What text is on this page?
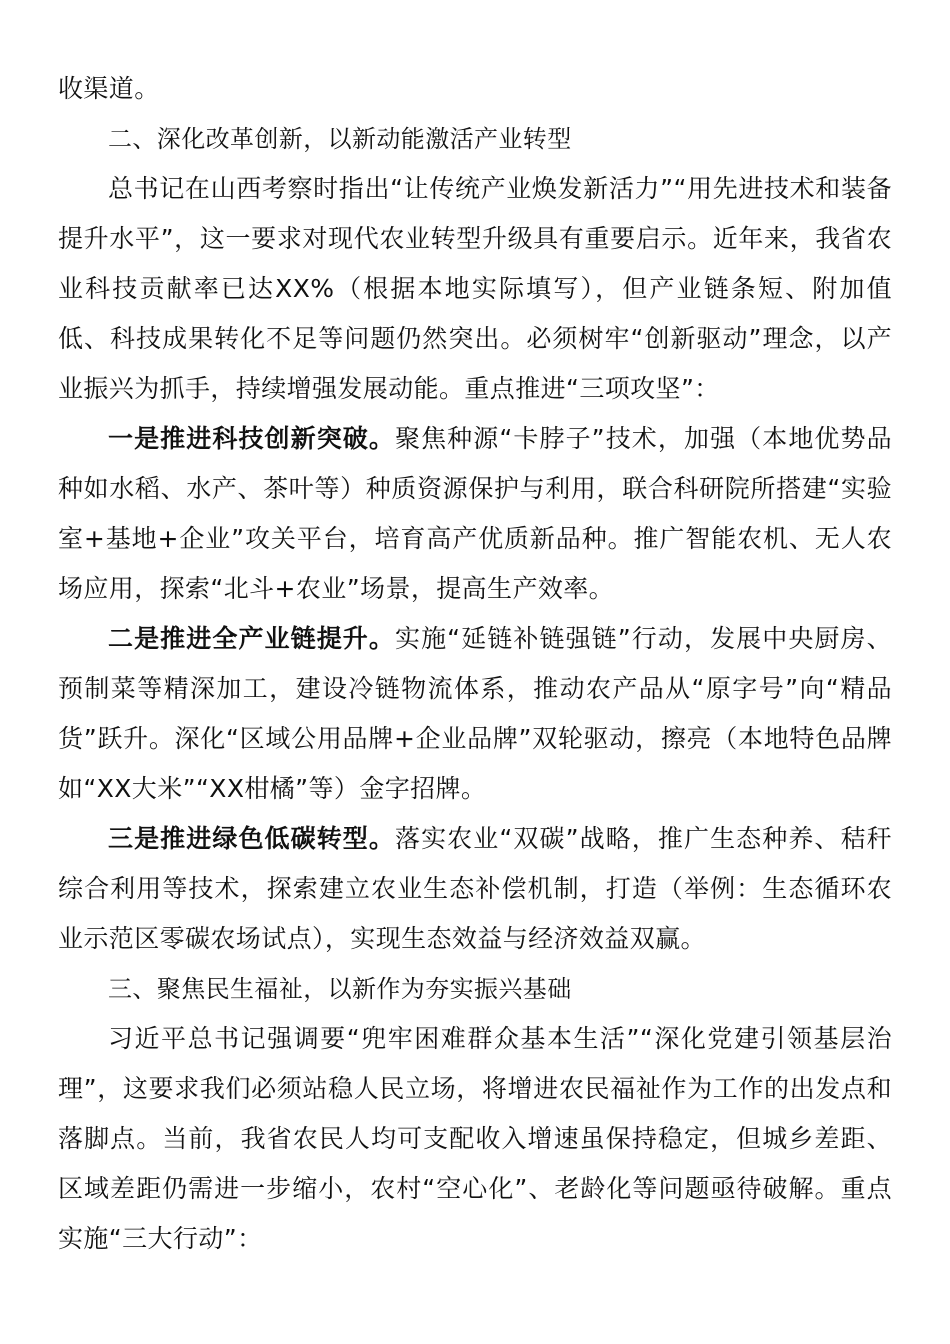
收渠道。

二、深化改革创新，以新动能激活产业转型

总书记在山西考察时指出“让传统产业焕发新活力”“用先进技术和装备提升水平”，这一要求对现代农业转型升级具有重要启示。近年来，我省农业科技贡献率已达XX%（根据本地实际填写），但产业链条短、附加值低、科技成果转化不足等问题仍然突出。必须树牢“创新驱动”理念，以产业振兴为抓手，持续增强发展动能。重点推进“三项攻坚”：

一是推进科技创新突破。聚焦种源“卡脖子”技术，加强（本地优势品种如水稻、水产、茶叶等）种质资源保护与利用，联合科研院所搭建“实验室+基地+企业”攻关平台，培育高产优质新品种。推广智能农机、无人农场应用，探索“北斗+农业”场景，提高生产效率。

二是推进全产业链提升。实施“延链补链强链”行动，发展中央厨房、预制菜等精深加工，建设冷链物流体系，推动农产品从“原字号”向“精品货”跃升。深化“区域公用品牌+企业品牌”双轮驱动，擦亮（本地特色品牌如“XX大米”“XX柑橘”等）金字招牌。

三是推进绿色低碳转型。落实农业“双碳”战略，推广生态种养、秸秆综合利用等技术，探索建立农业生态补偿机制，打造（举例：生态循环农业示范区零碳农场试点），实现生态效益与经济效益双赢。

三、聚焦民生福祉，以新作为夯实振兴基础

习近平总书记强调要“兜牢困难群众基本生活”“深化党建引领基层治理”，这要求我们必须站稳人民立场，将增进农民福祉作为工作的出发点和落脚点。当前，我省农民人均可支配收入增速虽保持稳定，但城乡差距、区域差距仍需进一步缩小，农村“空心化”、老龄化等问题亟待破解。重点实施“三大行动”：
